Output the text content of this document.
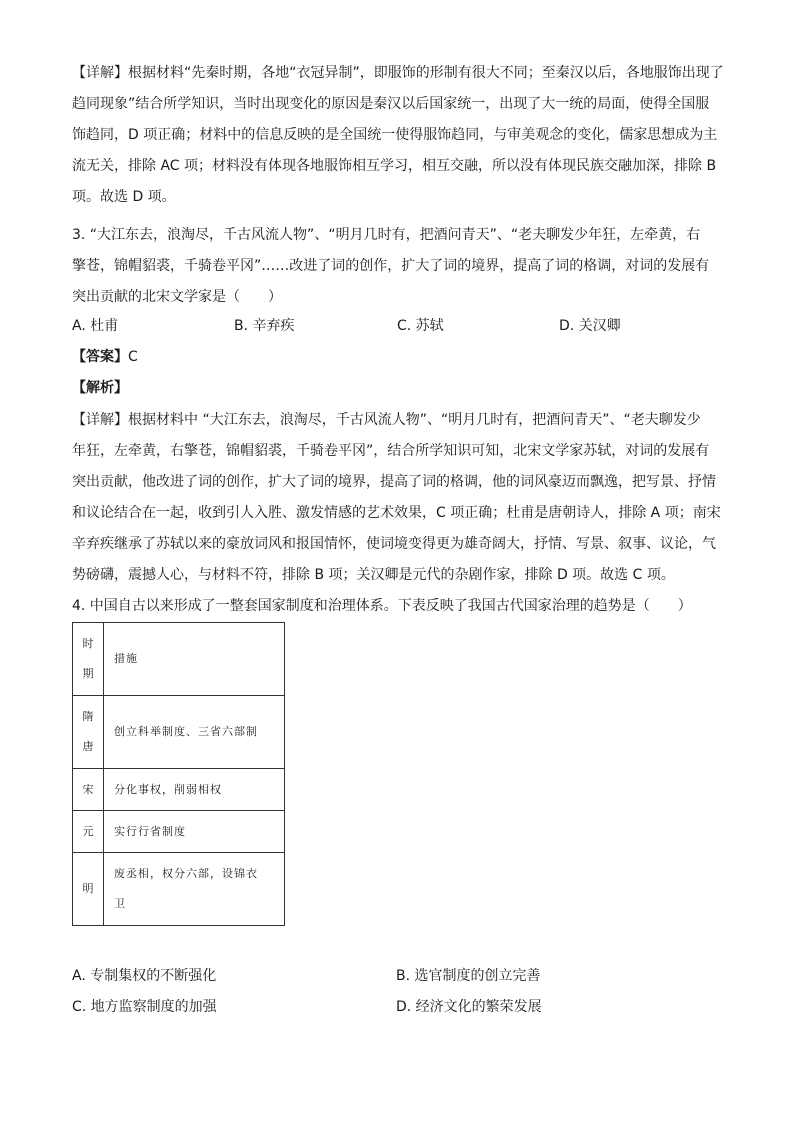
【详解】根据材料“先秦时期，各地“衣冠异制”，即服饰的形制有很大不同；至秦汉以后，各地服饰出现了
趋同现象”结合所学知识，当时出现变化的原因是秦汉以后国家统一，出现了大一统的局面，使得全国服
饰趋同，D 项正确；材料中的信息反映的是全国统一使得服饰趋同，与审美观念的变化，儒家思想成为主
流无关，排除 AC 项；材料没有体现各地服饰相互学习，相互交融，所以没有体现民族交融加深，排除 B
项。故选 D 项。
3. “大江东去，浪淘尽，千古风流人物”、“明月几时有，把酒问青天”、“老夫聊发少年狂，左牵黄，右
擎苍，锦帽貂裘，千骑卷平冈”……改进了词的创作，扩大了词的境界，提高了词的格调，对词的发展有
突出贡献的北宋文学家是（　　）
A. 杜甫	B. 辛弃疾	C. 苏轼	D. 关汉卿
【答案】C
【解析】
【详解】根据材料中 “大江东去，浪淘尽，千古风流人物”、“明月几时有，把酒问青天”、“老夫聊发少
年狂，左牵黄，右擎苍，锦帽貂裘，千骑卷平冈”，结合所学知识可知，北宋文学家苏轼，对词的发展有
突出贡献，他改进了词的创作，扩大了词的境界，提高了词的格调，他的词风豪迈而飘逸，把写景、抒情
和议论结合在一起，收到引人入胜、激发情感的艺术效果，C 项正确；杜甫是唐朝诗人，排除 A 项；南宋
辛弃疾继承了苏轼以来的豪放词风和报国情怀，使词境变得更为雄奇阔大，抒情、写景、叙事、议论，气
势磅礴，震撼人心，与材料不符，排除 B 项；关汉卿是元代的杂剧作家，排除 D 项。故选 C 项。
4. 中国自古以来形成了一整套国家制度和治理体系。下表反映了我国古代国家治理的趋势是（　　）
时
期	措施

隋
唐	创立科举制度、三省六部制
宋	分化事权，削弱相权
元	实行行省制度
明	废丞相，权分六部，设锦衣
卫
A. 专制集权的不断强化	B. 选官制度的创立完善
C. 地方监察制度的加强	D. 经济文化的繁荣发展
